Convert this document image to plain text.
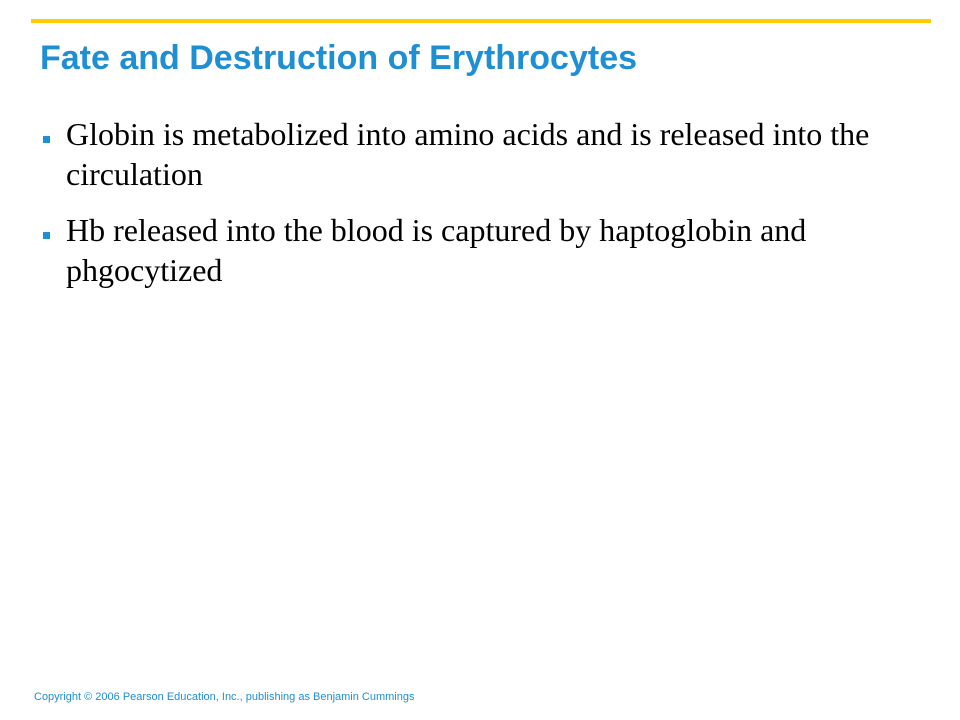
Fate and Destruction of Erythrocytes
Globin is metabolized into amino acids and is released into the circulation
Hb released into the blood is captured by haptoglobin and phgocytized
Copyright © 2006 Pearson Education, Inc., publishing as Benjamin Cummings
